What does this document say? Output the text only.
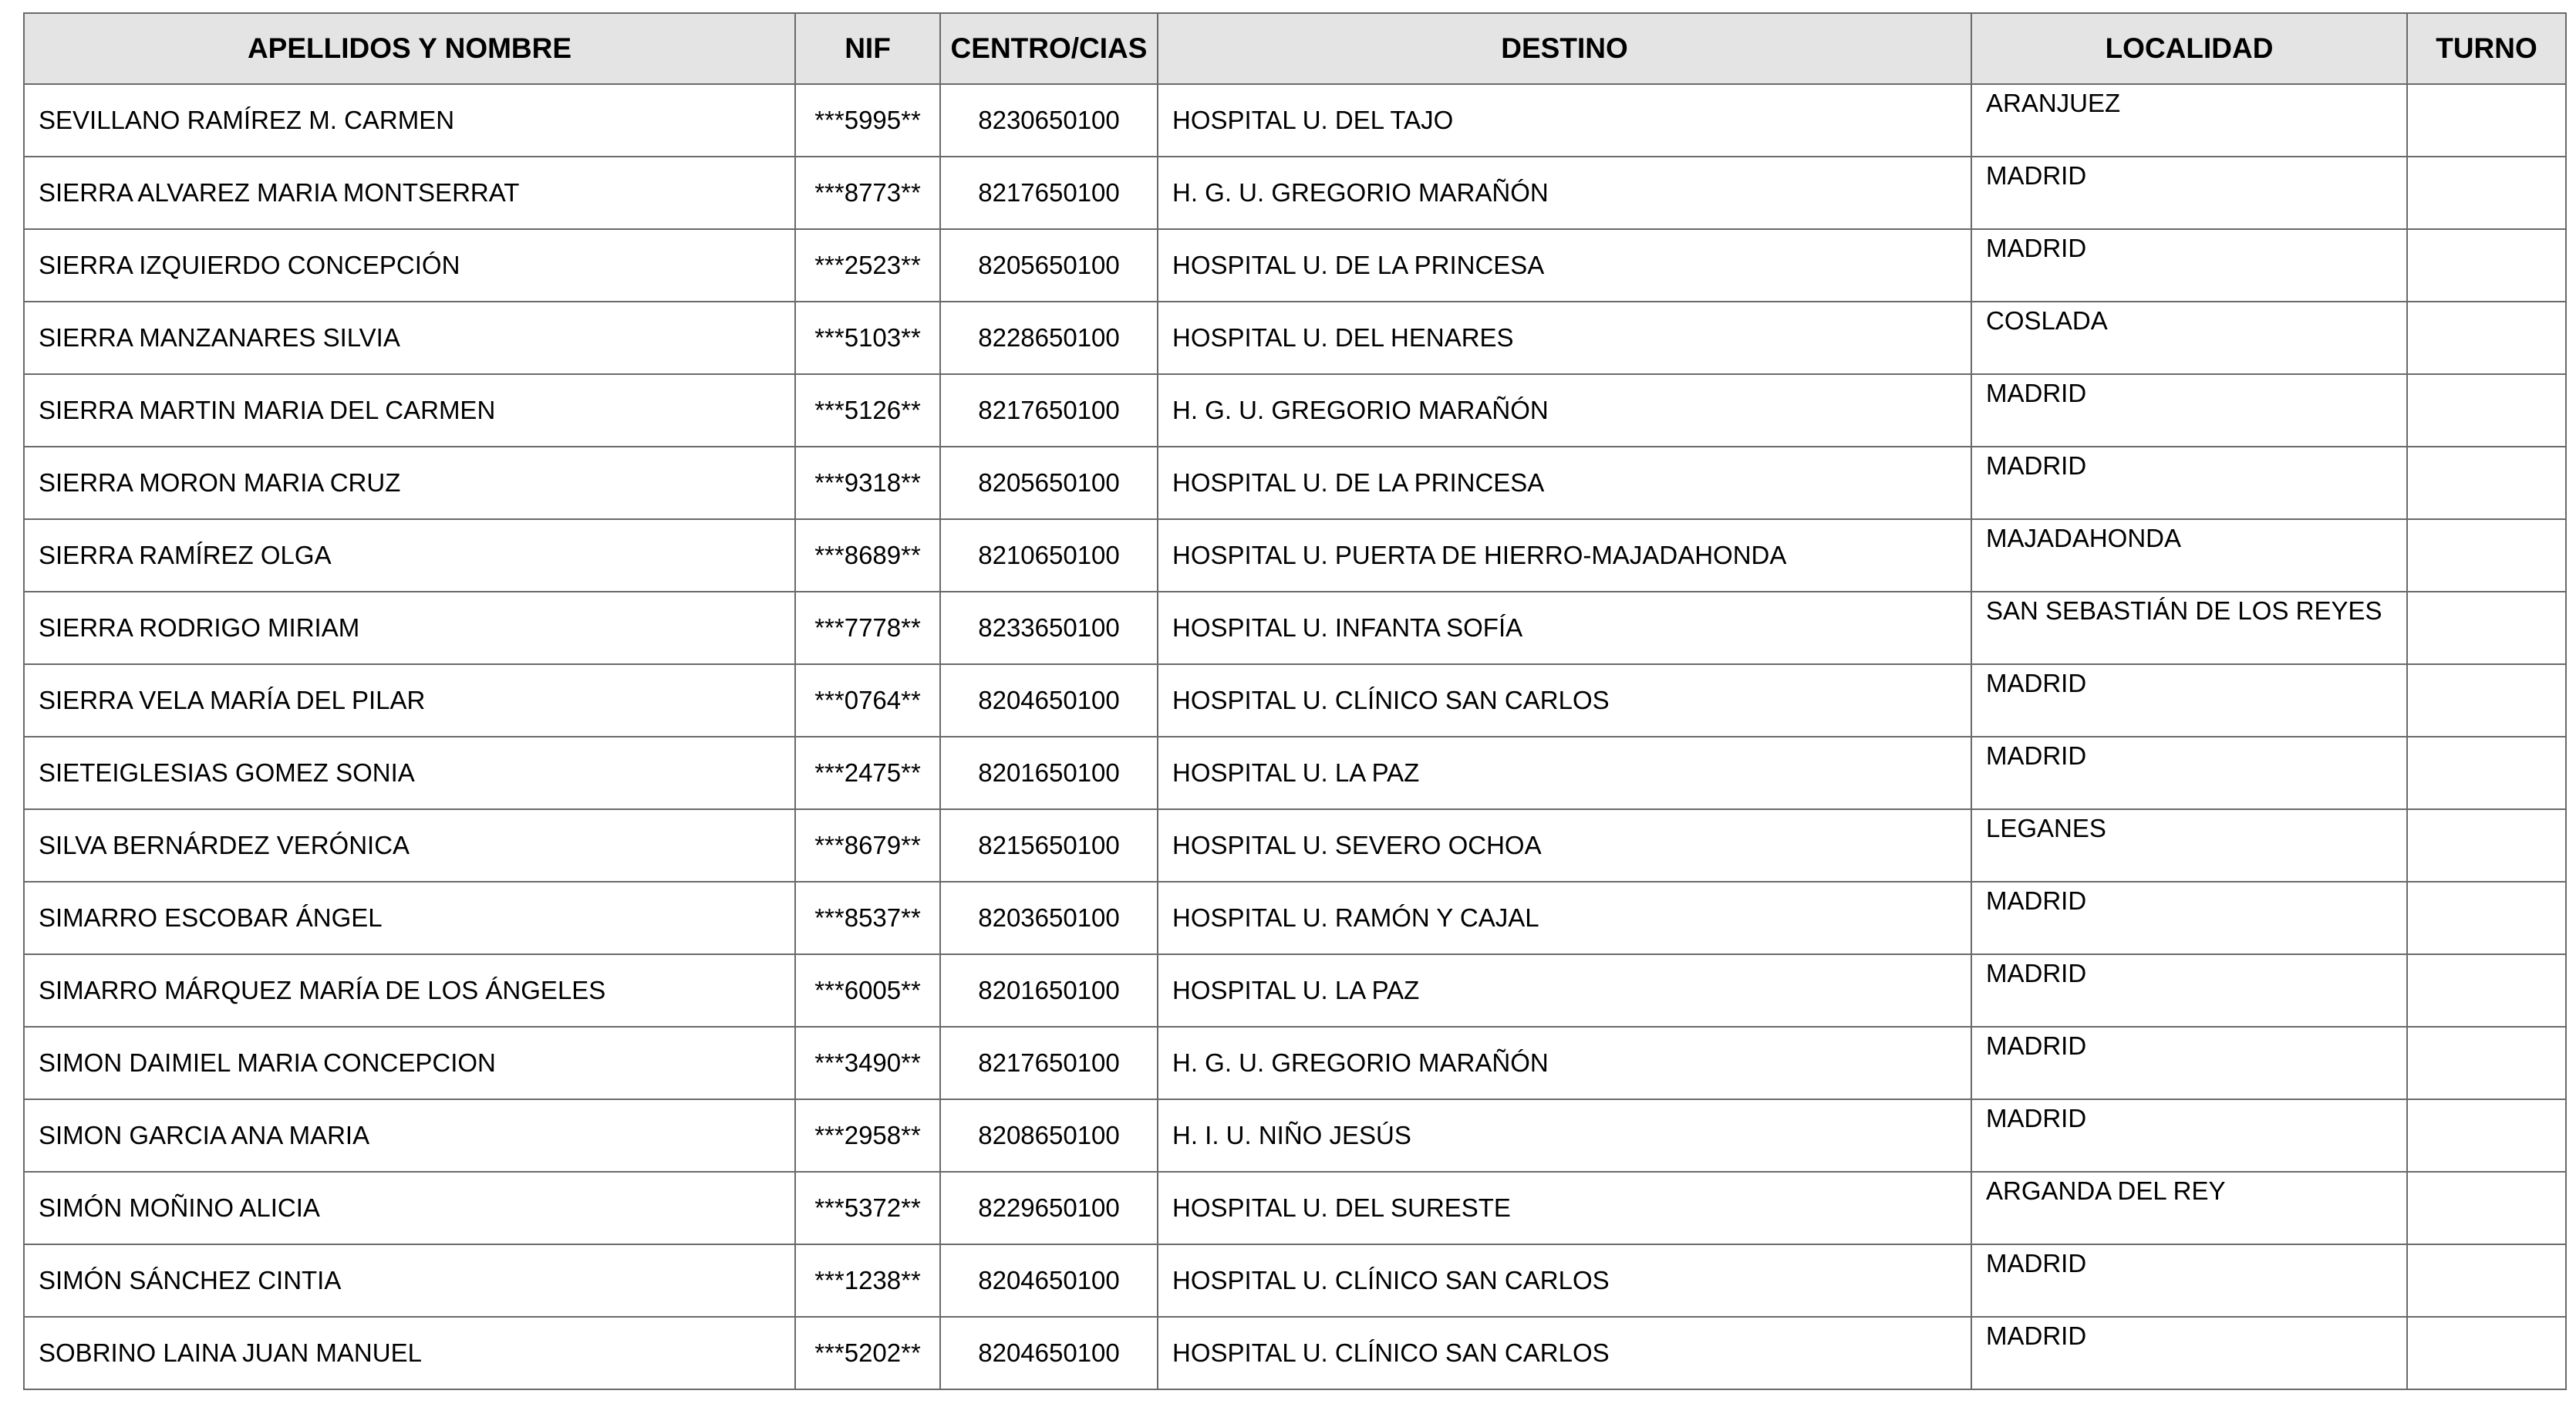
APELLIDOS Y NOMBRE	NIF	CENTRO/CIAS	DESTINO	LOCALIDAD	TURNO
SEVILLANO RAMÍREZ M. CARMEN	***5995**	8230650100	HOSPITAL U. DEL TAJO	ARANJUEZ	
SIERRA ALVAREZ MARIA MONTSERRAT	***8773**	8217650100	H. G. U. GREGORIO MARAÑÓN	MADRID	
SIERRA IZQUIERDO CONCEPCIÓN	***2523**	8205650100	HOSPITAL U. DE LA PRINCESA	MADRID	
SIERRA MANZANARES SILVIA	***5103**	8228650100	HOSPITAL U. DEL HENARES	COSLADA	
SIERRA MARTIN MARIA DEL CARMEN	***5126**	8217650100	H. G. U. GREGORIO MARAÑÓN	MADRID	
SIERRA MORON MARIA CRUZ	***9318**	8205650100	HOSPITAL U. DE LA PRINCESA	MADRID	
SIERRA RAMÍREZ OLGA	***8689**	8210650100	HOSPITAL U. PUERTA DE HIERRO-MAJADAHONDA	MAJADAHONDA	
SIERRA RODRIGO MIRIAM	***7778**	8233650100	HOSPITAL U. INFANTA SOFÍA	SAN SEBASTIÁN DE LOS REYES	
SIERRA VELA MARÍA DEL PILAR	***0764**	8204650100	HOSPITAL U. CLÍNICO SAN CARLOS	MADRID	
SIETEIGLESIAS GOMEZ SONIA	***2475**	8201650100	HOSPITAL U. LA PAZ	MADRID	
SILVA BERNÁRDEZ VERÓNICA	***8679**	8215650100	HOSPITAL U. SEVERO OCHOA	LEGANES	
SIMARRO ESCOBAR ÁNGEL	***8537**	8203650100	HOSPITAL U. RAMÓN Y CAJAL	MADRID	
SIMARRO MÁRQUEZ MARÍA DE LOS ÁNGELES	***6005**	8201650100	HOSPITAL U. LA PAZ	MADRID	
SIMON DAIMIEL MARIA CONCEPCION	***3490**	8217650100	H. G. U. GREGORIO MARAÑÓN	MADRID	
SIMON GARCIA ANA MARIA	***2958**	8208650100	H. I. U. NIÑO JESÚS	MADRID	
SIMÓN MOÑINO ALICIA	***5372**	8229650100	HOSPITAL U. DEL SURESTE	ARGANDA DEL REY	
SIMÓN SÁNCHEZ CINTIA	***1238**	8204650100	HOSPITAL U. CLÍNICO SAN CARLOS	MADRID	
SOBRINO LAINA JUAN MANUEL	***5202**	8204650100	HOSPITAL U. CLÍNICO SAN CARLOS	MADRID	
